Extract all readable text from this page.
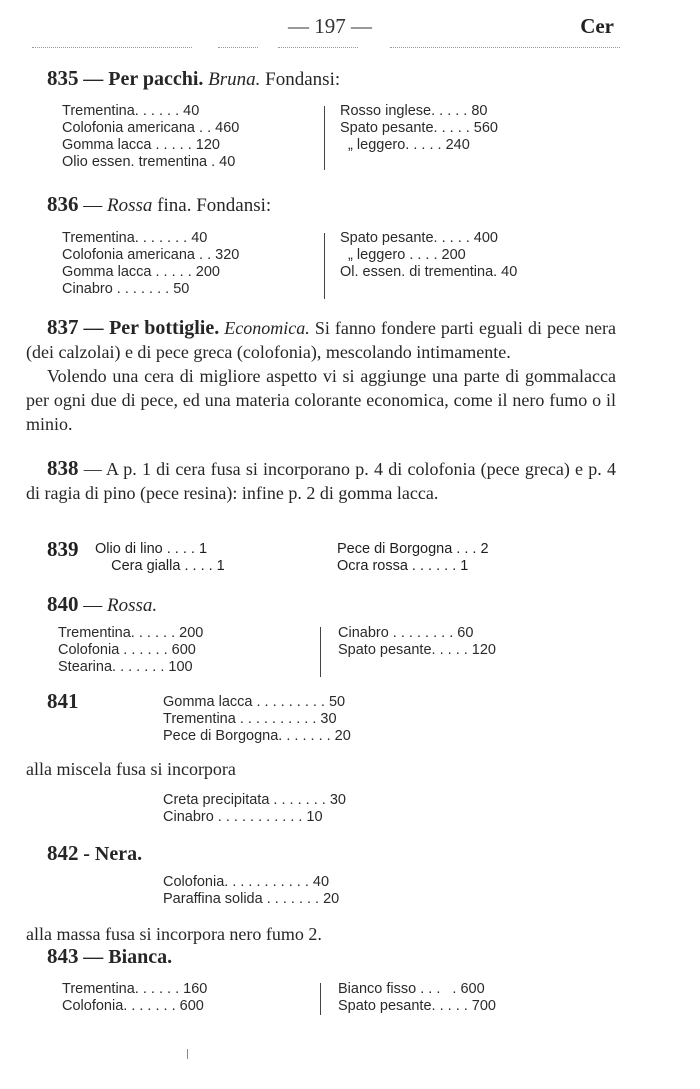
— 197 —	Cer
835 — Per pacchi. Bruna. Fondansi:
Trementina. . . . . . 40
Colofonia americana . . 460
Gomma lacca . . . . . 120
Olio essen. trementina . 40
Rosso inglese. . . . . 80
Spato pesante. . . . . 560
„ leggero. . . . . 240
836 — Rossa fina. Fondansi:
Trementina. . . . . . . 40
Colofonia americana . . 320
Gomma lacca . . . . . 200
Cinabro . . . . . . . 50
Spato pesante. . . . . 400
„ leggero . . . . 200
Ol. essen. di trementina. 40
837 — Per bottiglie. Economica. Si fanno fondere parti eguali di pece nera (dei calzolai) e di pece greca (colofonia), mescolando intimamente.
Volendo una cera di migliore aspetto vi si aggiunge una parte di gommalacca per ogni due di pece, ed una materia colorante economica, come il nero fumo o il minio.
838 — A p. 1 di cera fusa si incorporano p. 4 di colofonia (pece greca) e p. 4 di ragia di pino (pece resina): infine p. 2 di gomma lacca.
839 Olio di lino . . . . 1
Cera gialla . . . . 1
Pece di Borgogna . . . 2
Ocra rossa . . . . . . 1
840 — Rossa.
Trementina. . . . . . 200
Colofonia . . . . . . 600
Stearina. . . . . . . 100
Cinabro . . . . . . . . 60
Spato pesante. . . . . 120
841	Gomma lacca . . . . . . . . . 50
Trementina . . . . . . . . . . 30
Pece di Borgogna. . . . . . . 20
alla miscela fusa si incorpora
Creta precipitata . . . . . . . 30
Cinabro . . . . . . . . . . . 10
842 - Nera.
Colofonia. . . . . . . . . . . 40
Paraffina solida . . . . . . . 20
alla massa fusa si incorpora nero fumo 2.
843 — Bianca.
Trementina. . . . . . 160
Colofonia. . . . . . . 600
Bianco fisso . . .   . 600
Spato pesante. . . . . 700
